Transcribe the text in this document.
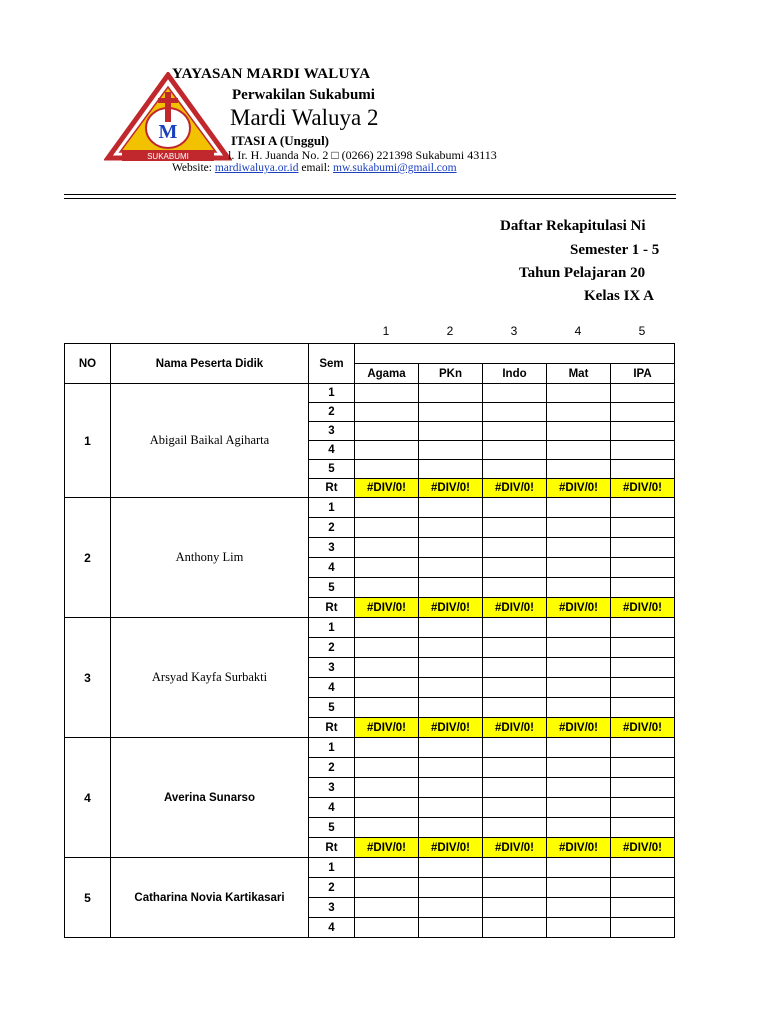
M
SUKABUMI
YAYASAN MARDI WALUYA
Perwakilan Sukabumi
Mardi Waluya 2
ITASI A (Unggul)
l. Ir. H. Juanda No. 2 □ (0266) 221398 Sukabumi 43113
Website: mardiwaluya.or.id email: mw.sukabumi@gmail.com
Daftar Rekapitulasi Ni
Semester 1 - 5
Tahun Pelajaran 20
Kelas IX A
1	2	3	4	5
NO	Nama Peserta Didik	Sem					
			Agama	PKn	Indo	Mat	IPA
1	Abigail Baikal Agiharta	1					
		2					
		3					
		4					
		5					
		Rt	#DIV/0!	#DIV/0!	#DIV/0!	#DIV/0!	#DIV/0!
2	Anthony Lim	1					
		2					
		3					
		4					
		5					
		Rt	#DIV/0!	#DIV/0!	#DIV/0!	#DIV/0!	#DIV/0!
3	Arsyad Kayfa Surbakti	1					
		2					
		3					
		4					
		5					
		Rt	#DIV/0!	#DIV/0!	#DIV/0!	#DIV/0!	#DIV/0!
4	Averina Sunarso	1					
		2					
		3					
		4					
		5					
		Rt	#DIV/0!	#DIV/0!	#DIV/0!	#DIV/0!	#DIV/0!
5	Catharina Novia Kartikasari	1					
		2					
		3					
		4					
